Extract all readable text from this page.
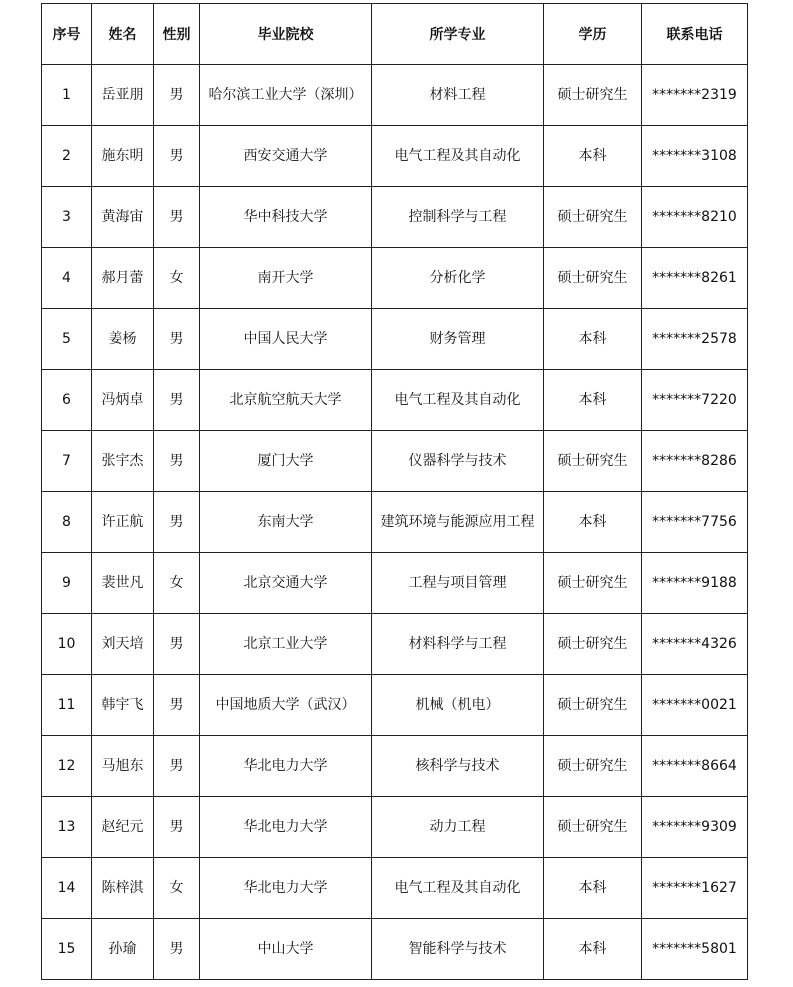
序号	姓名	性别	毕业院校	所学专业	学历	联系电话
1	岳亚朋	男	哈尔滨工业大学（深圳）	材料工程	硕士研究生	*******2319
2	施东明	男	西安交通大学	电气工程及其自动化	本科	*******3108
3	黄海宙	男	华中科技大学	控制科学与工程	硕士研究生	*******8210
4	郝月蕾	女	南开大学	分析化学	硕士研究生	*******8261
5	姜杨	男	中国人民大学	财务管理	本科	*******2578
6	冯炳卓	男	北京航空航天大学	电气工程及其自动化	本科	*******7220
7	张宇杰	男	厦门大学	仪器科学与技术	硕士研究生	*******8286
8	许正航	男	东南大学	建筑环境与能源应用工程	本科	*******7756
9	裴世凡	女	北京交通大学	工程与项目管理	硕士研究生	*******9188
10	刘天培	男	北京工业大学	材料科学与工程	硕士研究生	*******4326
11	韩宇飞	男	中国地质大学（武汉）	机械（机电）	硕士研究生	*******0021
12	马旭东	男	华北电力大学	核科学与技术	硕士研究生	*******8664
13	赵纪元	男	华北电力大学	动力工程	硕士研究生	*******9309
14	陈梓淇	女	华北电力大学	电气工程及其自动化	本科	*******1627
15	孙瑜	男	中山大学	智能科学与技术	本科	*******5801
